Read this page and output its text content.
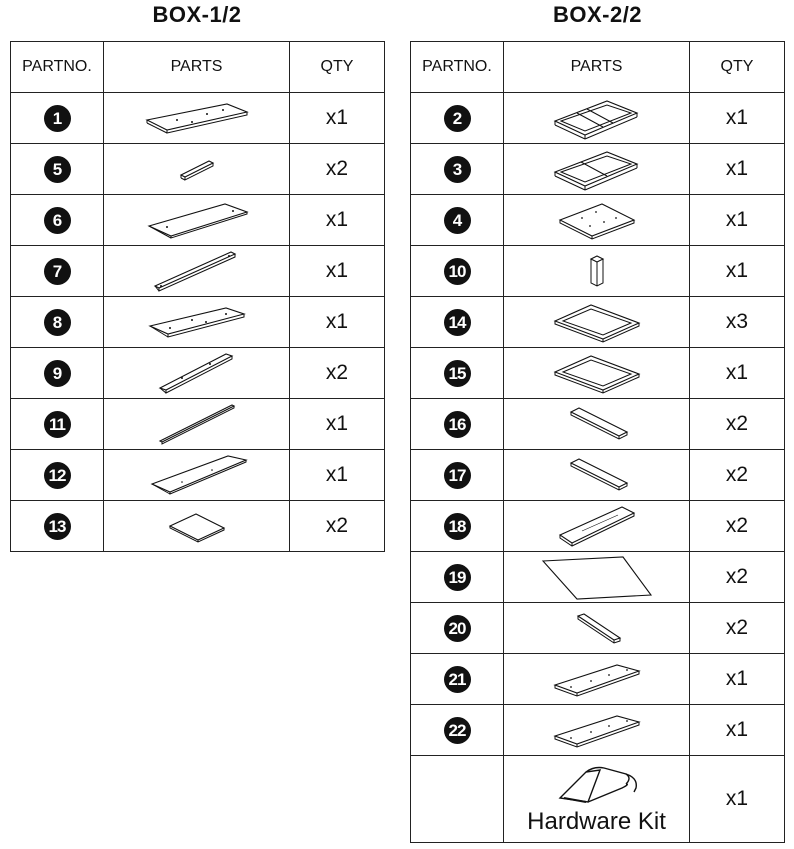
BOX-1/2	BOX-2/2
PARTNO.	PARTS	QTY
1		x1
5		x2
6		x1
7		x1
8		x1
9		x2
11		x1
12		x1
13		x2
PARTNO.	PARTS	QTY
2		x1
3		x1
4		x1
10		x1
14		x3
15		x1
16		x2
17		x2
18		x2
19		x2
20		x2
21		x1
22		x1

	Hardware Kit	x1
